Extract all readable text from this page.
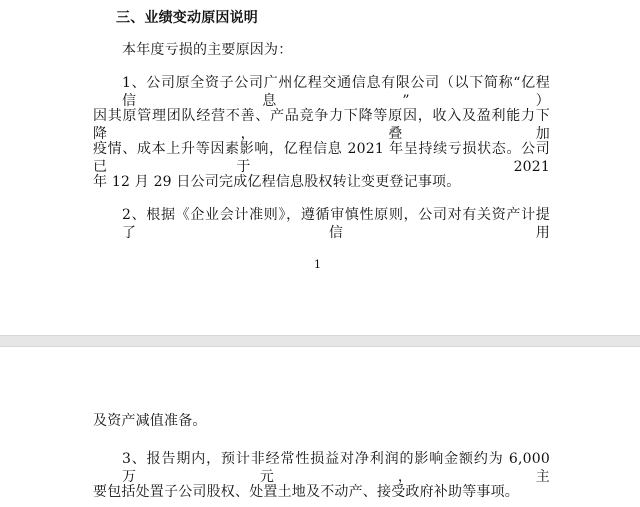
三、业绩变动原因说明
本年度亏损的主要原因为：
1、公司原全资子公司广州亿程交通信息有限公司（以下简称“亿程信息”）
因其原管理团队经营不善、产品竞争力下降等原因，收入及盈利能力下降，叠加
疫情、成本上升等因素影响，亿程信息 2021 年呈持续亏损状态。公司已于 2021
年 12 月 29 日公司完成亿程信息股权转让变更登记事项。
2、根据《企业会计准则》，遵循审慎性原则，公司对有关资产计提了信用
1
及资产减值准备。
3、报告期内，预计非经常性损益对净利润的影响金额约为 6,000 万元，主
要包括处置子公司股权、处置土地及不动产、接受政府补助等事项。
